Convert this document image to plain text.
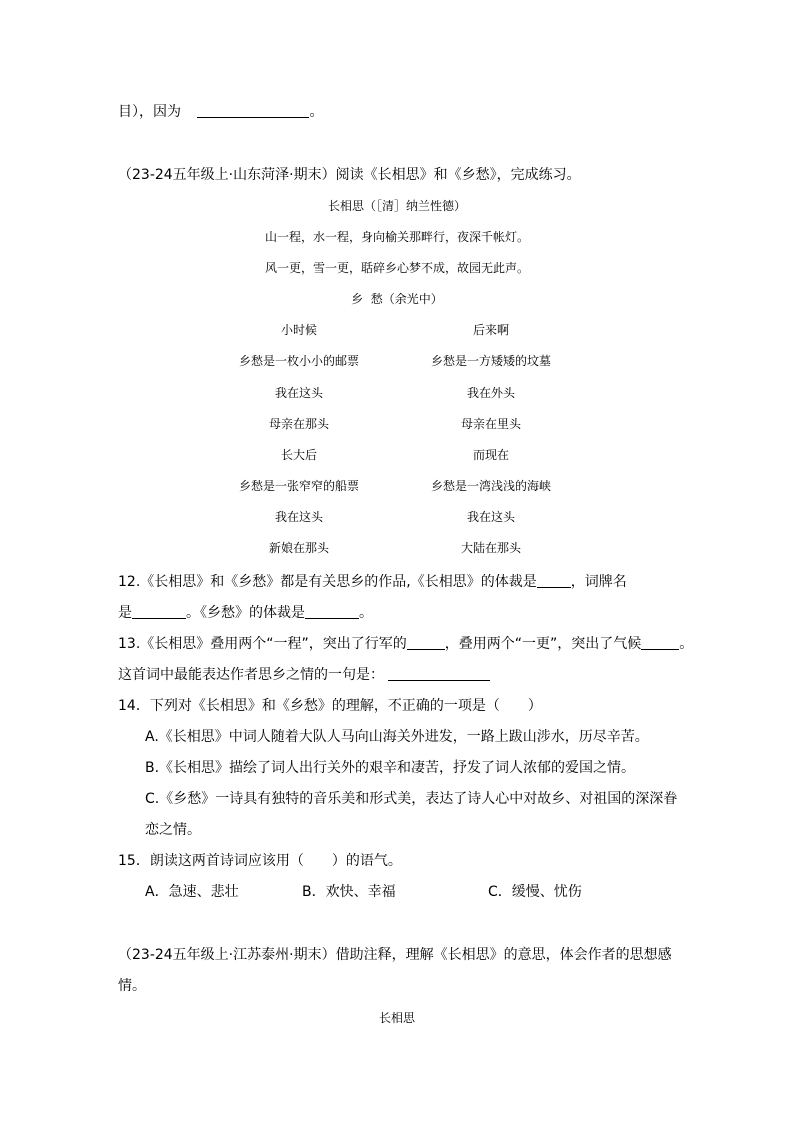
目），因为	。
（23-24五年级上·山东菏泽·期末）阅读《长相思》和《乡愁》，完成练习。
长相思（［清］纳兰性德）
山一程，水一程，身向榆关那畔行，夜深千帐灯。
风一更，雪一更，聒碎乡心梦不成，故园无此声。
乡  愁（余光中）
小时候	后来啊
乡愁是一枚小小的邮票	乡愁是一方矮矮的坟墓
我在这头	我在外头
母亲在那头	母亲在里头
长大后	而现在
乡愁是一张窄窄的船票	乡愁是一湾浅浅的海峡
我在这头	我在这头
新娘在那头	大陆在那头
12.《长相思》和《乡愁》都是有关思乡的作品,《长相思》的体裁是 ，词牌名
是	。《乡愁》的体裁是	。
13.《长相思》叠用两个“一程”，突出了行军的	，叠用两个“一更”，突出了气候	。
这首词中最能表达作者思乡之情的一句是：
14．下列对《长相思》和《乡愁》的理解，不正确的一项是（　　）
A.《长相思》中词人随着大队人马向山海关外进发，一路上跋山涉水，历尽辛苦。
B.《长相思》描绘了词人出行关外的艰辛和凄苦，抒发了词人浓郁的爱国之情。
C.《乡愁》一诗具有独特的音乐美和形式美，表达了诗人心中对故乡、对祖国的深深眷
恋之情。
15．朗读这两首诗词应该用（　　）的语气。
A．急速、悲壮	B．欢快、幸福	C．缓慢、忧伤
（23-24五年级上·江苏泰州·期末）借助注释，理解《长相思》的意思，体会作者的思想感
情。
长相思
